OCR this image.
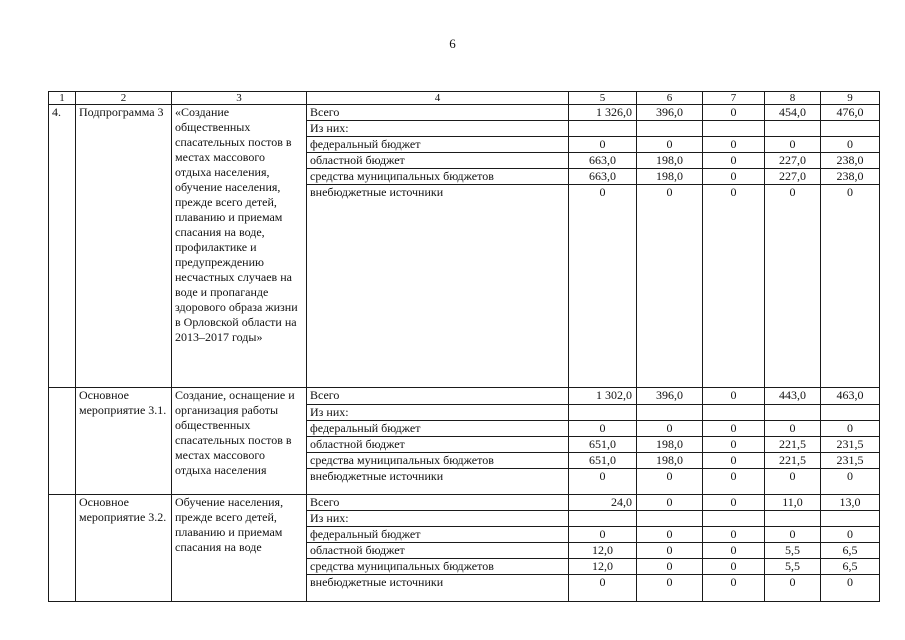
6
1	2	3	4	5	6	7	8	9
4.	Подпрограмма 3	«Создание общественных спасательных постов в местах массового отдыха населения, обучение населения, прежде всего детей, плаванию и приемам спасания на воде, профилактике и предупреждению несчастных случаев на воде и пропаганде здорового образа жизни в Орловской области на 2013–2017 годы»	Всего	1 326,0	396,0	0	454,0	476,0
			Из них:					
			федеральный бюджет	0	0	0	0	0
			областной бюджет	663,0	198,0	0	227,0	238,0
			средства муниципальных бюджетов	663,0	198,0	0	227,0	238,0
			внебюджетные источники	0	0	0	0	0
	Основное мероприятие 3.1.	Создание, оснащение и организация работы общественных спасательных постов в местах массового отдыха населения	Всего	1 302,0	396,0	0	443,0	463,0
			Из них:					
			федеральный бюджет	0	0	0	0	0
			областной бюджет	651,0	198,0	0	221,5	231,5
			средства муниципальных бюджетов	651,0	198,0	0	221,5	231,5
			внебюджетные источники	0	0	0	0	0
	Основное мероприятие 3.2.	Обучение населения, прежде всего детей, плаванию и приемам спасания на воде	Всего	24,0	0	0	11,0	13,0
			Из них:					
			федеральный бюджет	0	0	0	0	0
			областной бюджет	12,0	0	0	5,5	6,5
			средства муниципальных бюджетов	12,0	0	0	5,5	6,5
			внебюджетные источники	0	0	0	0	0
